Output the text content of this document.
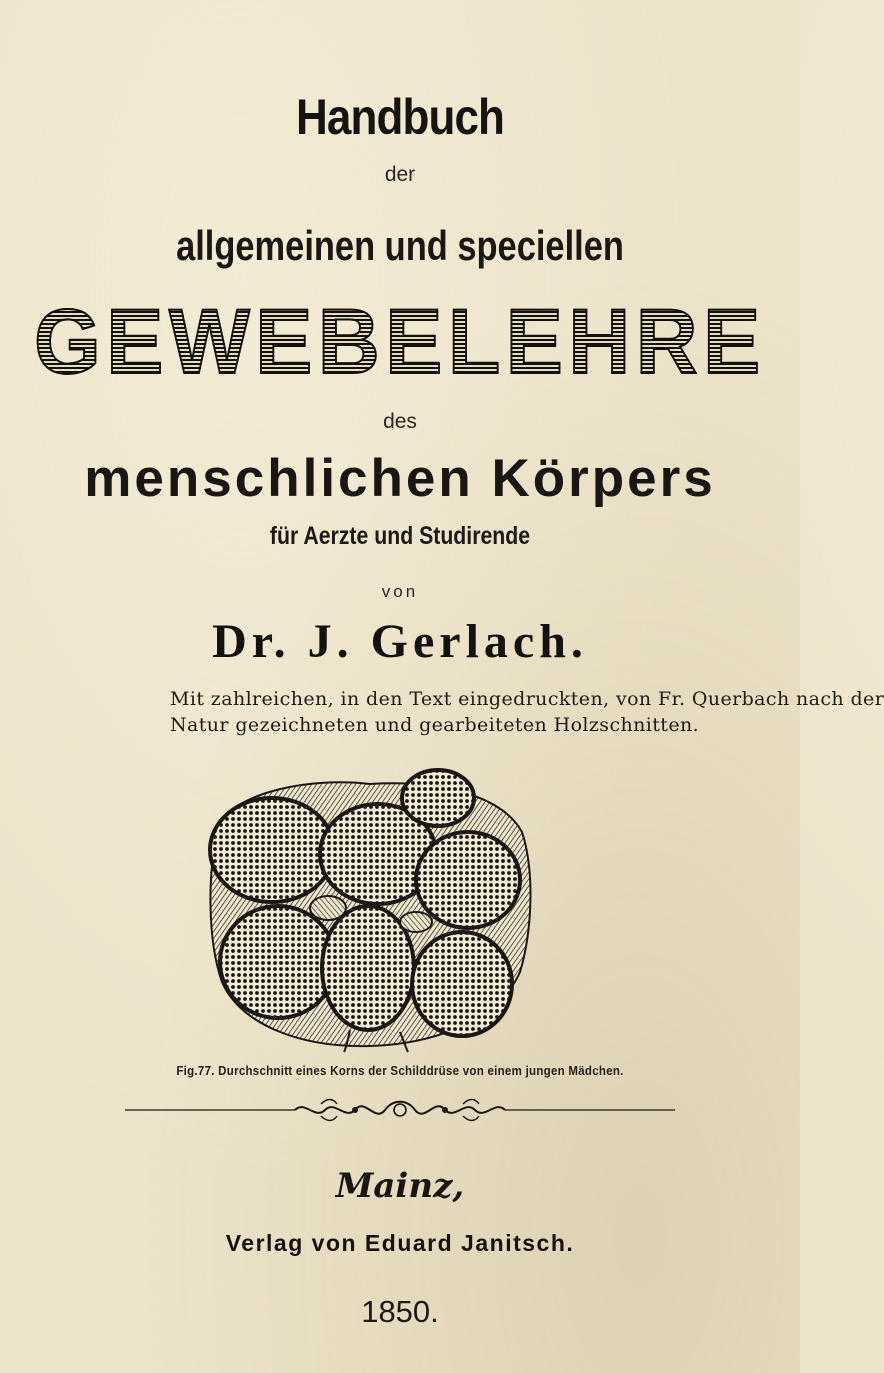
Handbuch
der
allgemeinen und speciellen
GEWEBELEHRE
des
menschlichen Körpers
für Aerzte und Studirende
von
Dr. J. Gerlach.
Mit zahlreichen, in den Text eingedruckten, von Fr. Querbach nach der
Natur gezeichneten und gearbeiteten Holzschnitten.
Fig.77. Durchschnitt eines Korns der Schilddrüse von einem jungen Mädchen.
Mainz,
Verlag von Eduard Janitsch.
1850.
